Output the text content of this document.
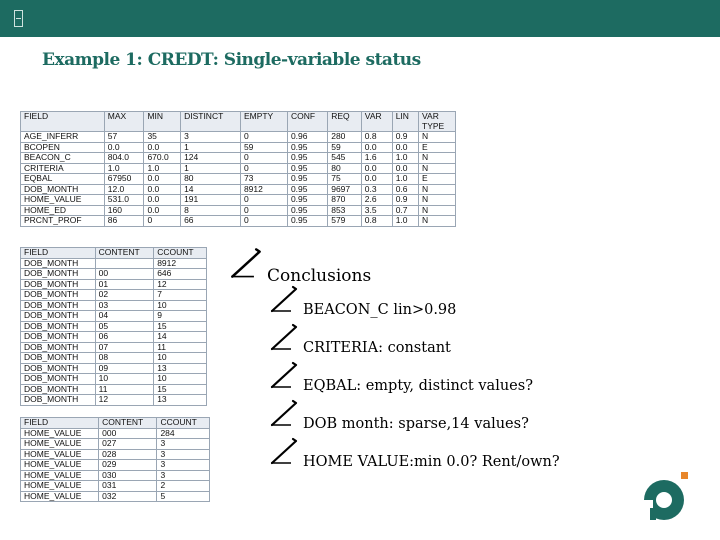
Example 1: CREDT: Single-variable status
FIELD	MAX	MIN	DISTINCT	EMPTY	CONF	REQ	VAR	LIN	VAR TYPE
AGE_INFERR	57	35	3	0	0.96	280	0.8	0.9	N
BCOPEN	0.0	0.0	1	59	0.95	59	0.0	0.0	E
BEACON_C	804.0	670.0	124	0	0.95	545	1.6	1.0	N
CRITERIA	1.0	1.0	1	0	0.95	80	0.0	0.0	N
EQBAL	67950	0.0	80	73	0.95	75	0.0	1.0	E
DOB_MONTH	12.0	0.0	14	8912	0.95	9697	0.3	0.6	N
HOME_VALUE	531.0	0.0	191	0	0.95	870	2.6	0.9	N
HOME_ED	160	0.0	8	0	0.95	853	3.5	0.7	N
PRCNT_PROF	86	0	66	0	0.95	579	0.8	1.0	N
FIELD	CONTENT	CCOUNT
DOB_MONTH		8912
DOB_MONTH	00	646
DOB_MONTH	01	12
DOB_MONTH	02	7
DOB_MONTH	03	10
DOB_MONTH	04	9
DOB_MONTH	05	15
DOB_MONTH	06	14
DOB_MONTH	07	11
DOB_MONTH	08	10
DOB_MONTH	09	13
DOB_MONTH	10	10
DOB_MONTH	11	15
DOB_MONTH	12	13
FIELD	CONTENT	CCOUNT
HOME_VALUE	000	284
HOME_VALUE	027	3
HOME_VALUE	028	3
HOME_VALUE	029	3
HOME_VALUE	030	3
HOME_VALUE	031	2
HOME_VALUE	032	5
Conclusions
BEACON_C lin>0.98
CRITERIA: constant
EQBAL: empty, distinct values?
DOB month: sparse,14 values?
HOME VALUE:min 0.0? Rent/own?
